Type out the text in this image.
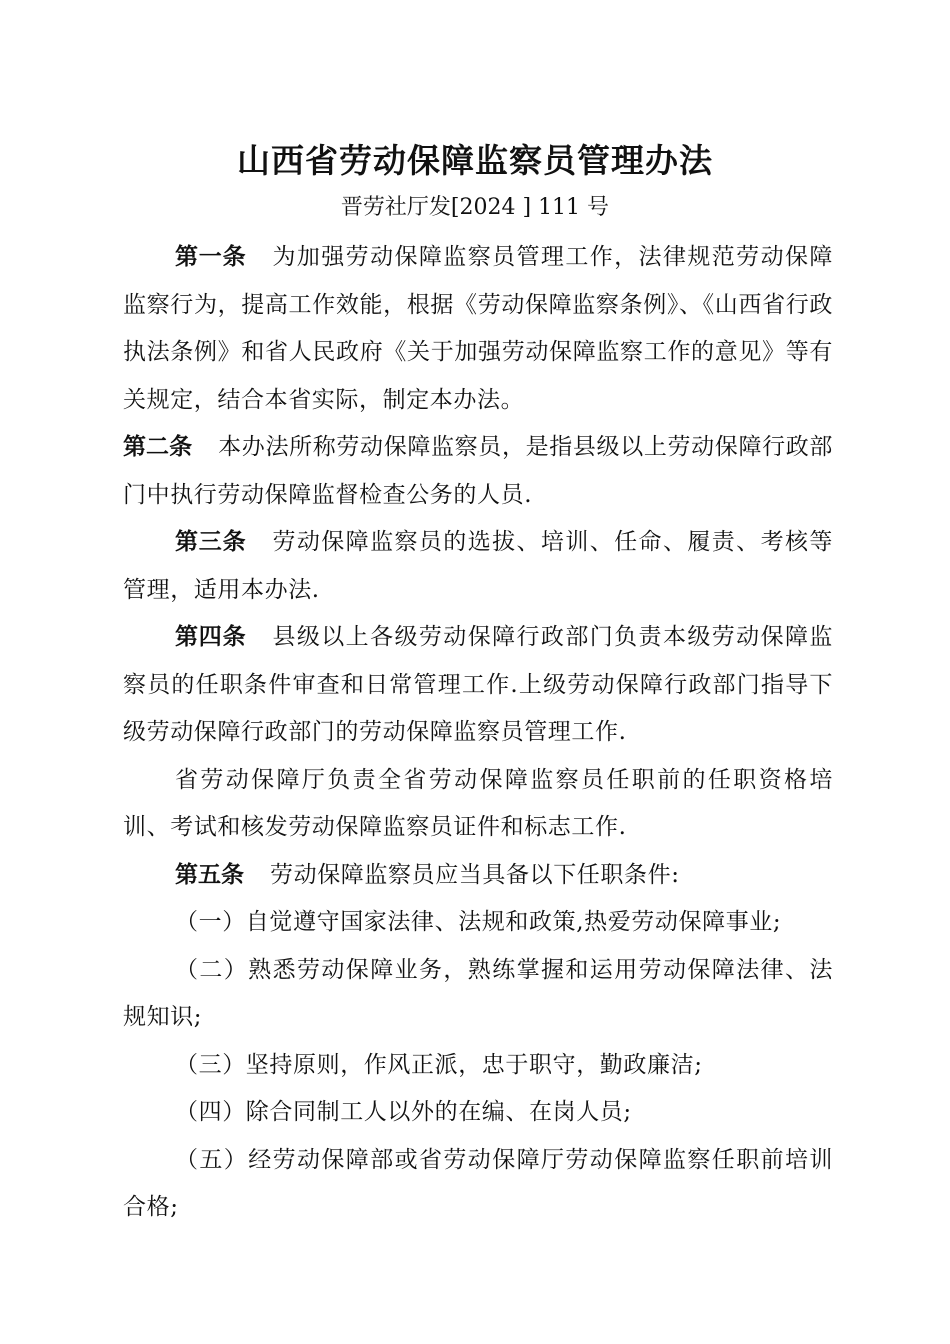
山西省劳动保障监察员管理办法
晋劳社厅发[2024 ] 111 号

第一条 为加强劳动保障监察员管理工作，法律规范劳动保障监察行为，提高工作效能，根据《劳动保障监察条例》、《山西省行政执法条例》和省人民政府《关于加强劳动保障监察工作的意见》等有关规定，结合本省实际，制定本办法。

第二条 本办法所称劳动保障监察员，是指县级以上劳动保障行政部门中执行劳动保障监督检查公务的人员.

第三条 劳动保障监察员的选拔、培训、任命、履责、考核等管理，适用本办法.

第四条 县级以上各级劳动保障行政部门负责本级劳动保障监察员的任职条件审查和日常管理工作.上级劳动保障行政部门指导下级劳动保障行政部门的劳动保障监察员管理工作.

省劳动保障厅负责全省劳动保障监察员任职前的任职资格培训、考试和核发劳动保障监察员证件和标志工作.

第五条 劳动保障监察员应当具备以下任职条件:

（一）自觉遵守国家法律、法规和政策,热爱劳动保障事业;

（二）熟悉劳动保障业务，熟练掌握和运用劳动保障法律、法规知识;

（三）坚持原则，作风正派，忠于职守，勤政廉洁;

（四）除合同制工人以外的在编、在岗人员;

（五）经劳动保障部或省劳动保障厅劳动保障监察任职前培训合格;
